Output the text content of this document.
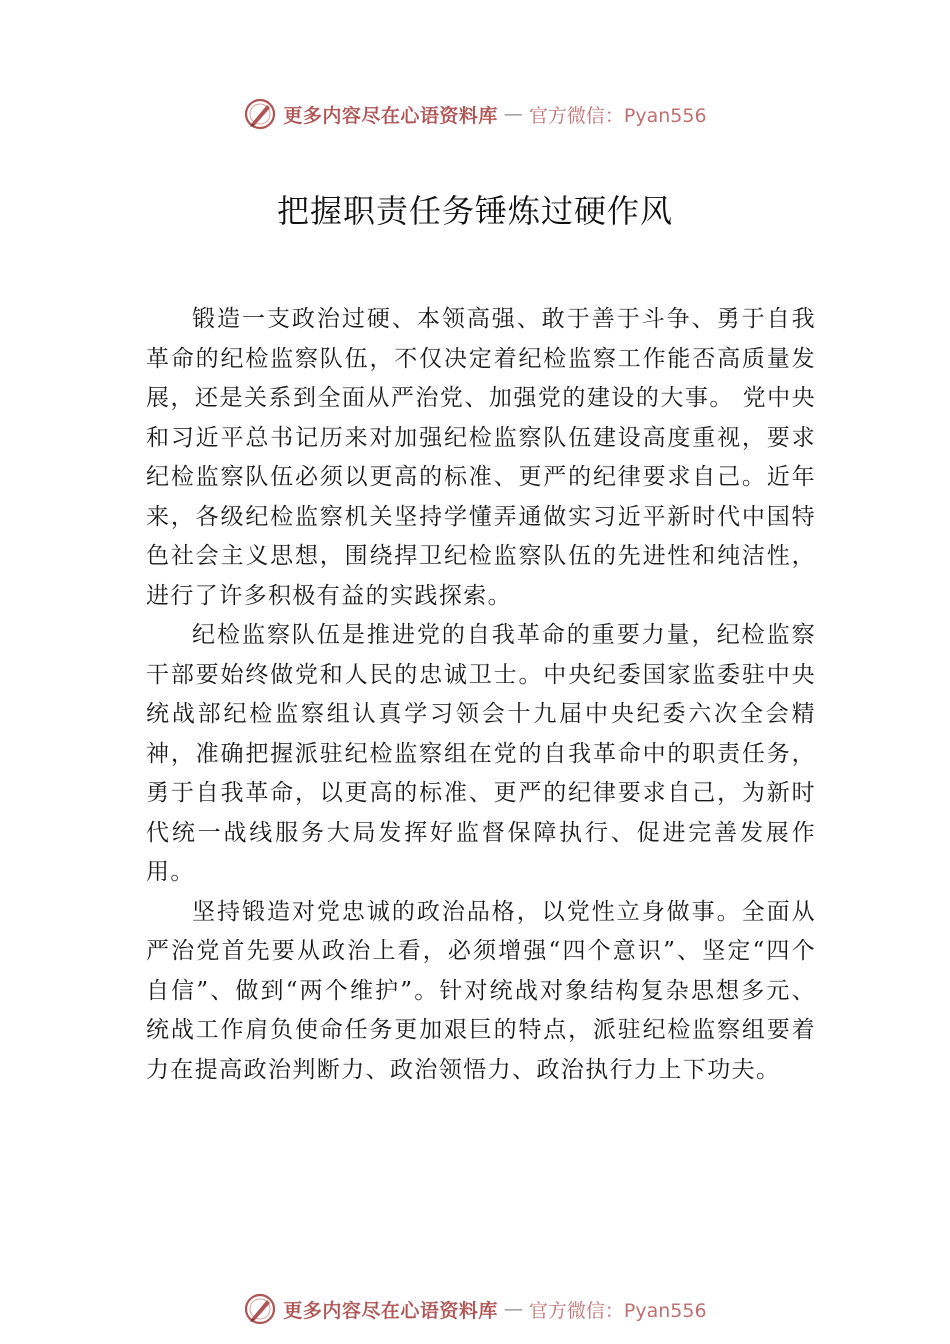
更多内容尽在心语资料库 — 官方微信：Pyan556
把握职责任务锤炼过硬作风

锻造一支政治过硬、本领高强、敢于善于斗争、勇于自我革命的纪检监察队伍，不仅决定着纪检监察工作能否高质量发展，还是关系到全面从严治党、加强党的建设的大事。 党中央和习近平总书记历来对加强纪检监察队伍建设高度重视，要求纪检监察队伍必须以更高的标准、更严的纪律要求自己。近年来，各级纪检监察机关坚持学懂弄通做实习近平新时代中国特色社会主义思想，围绕捍卫纪检监察队伍的先进性和纯洁性，进行了许多积极有益的实践探索。

纪检监察队伍是推进党的自我革命的重要力量，纪检监察干部要始终做党和人民的忠诚卫士。中央纪委国家监委驻中央统战部纪检监察组认真学习领会十九届中央纪委六次全会精神，准确把握派驻纪检监察组在党的自我革命中的职责任务，勇于自我革命，以更高的标准、更严的纪律要求自己，为新时代统一战线服务大局发挥好监督保障执行、促进完善发展作用。

坚持锻造对党忠诚的政治品格，以党性立身做事。全面从严治党首先要从政治上看，必须增强“四个意识”、坚定“四个自信”、做到“两个维护”。针对统战对象结构复杂思想多元、统战工作肩负使命任务更加艰巨的特点，派驻纪检监察组要着力在提高政治判断力、政治领悟力、政治执行力上下功夫。

更多内容尽在心语资料库 — 官方微信：Pyan556
